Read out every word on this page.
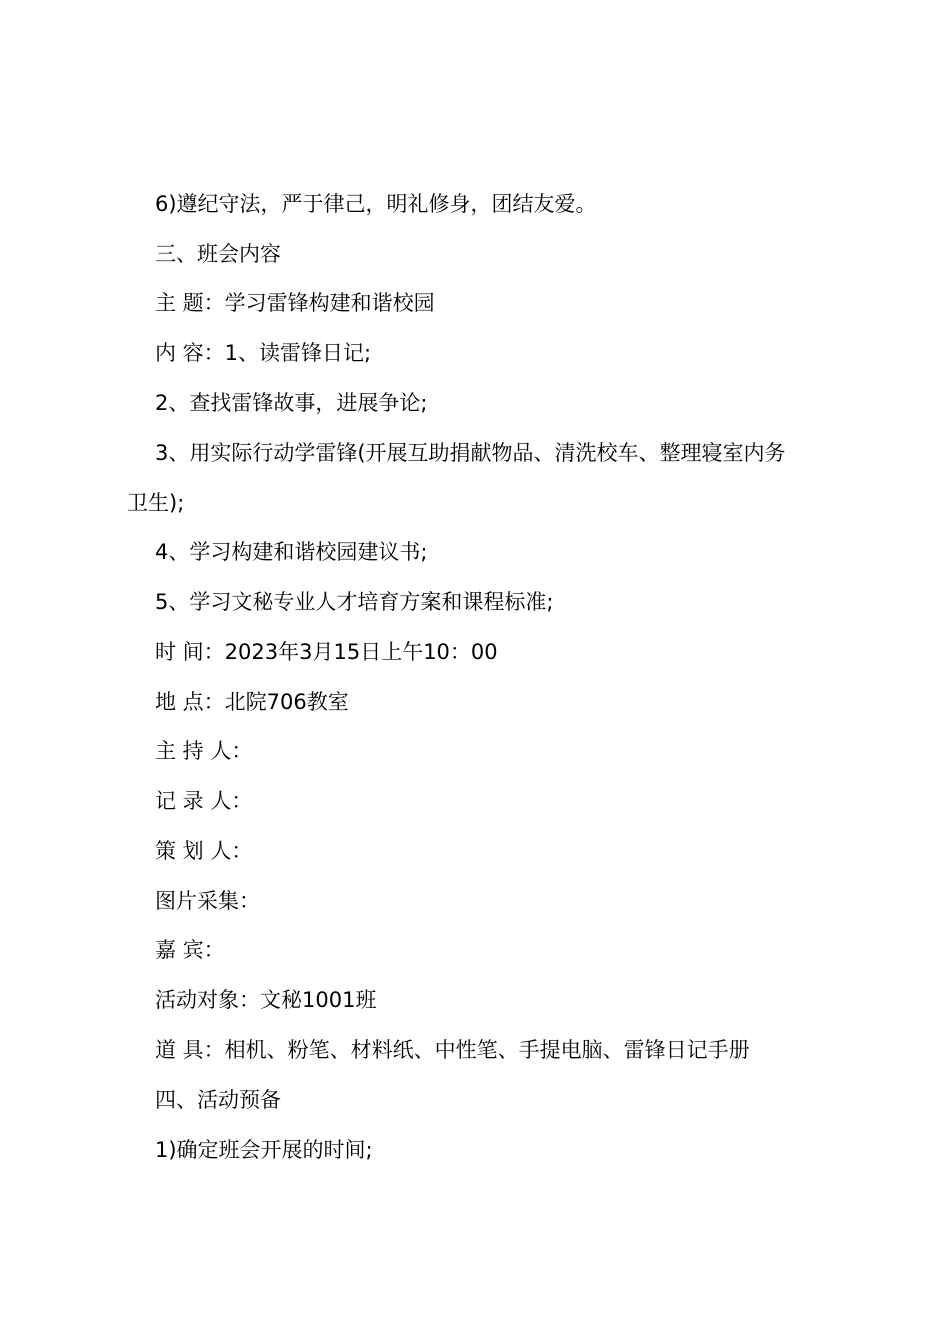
6)遵纪守法，严于律己，明礼修身，团结友爱。
三、班会内容
主 题：学习雷锋构建和谐校园
内 容：1、读雷锋日记;
2、查找雷锋故事，进展争论;
3、用实际行动学雷锋(开展互助捐献物品、清洗校车、整理寝室内务
卫生);
4、学习构建和谐校园建议书;
5、学习文秘专业人才培育方案和课程标准;
时 间：2023年3月15日上午10：00
地 点：北院706教室
主 持 人：
记 录 人：
策 划 人：
图片采集：
嘉 宾：
活动对象：文秘1001班
道 具：相机、粉笔、材料纸、中性笔、手提电脑、雷锋日记手册
四、活动预备
1)确定班会开展的时间;
